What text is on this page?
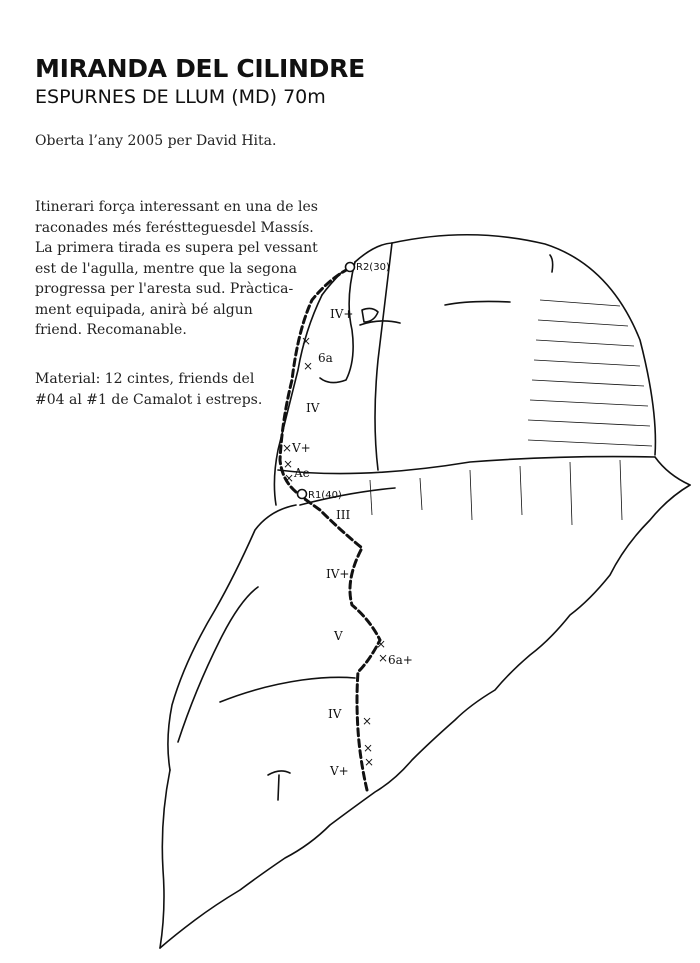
MIRANDA DEL CILINDRE
ESPURNES DE LLUM (MD) 70m
Oberta l’any 2005 per David Hita.
Itinerari força interessant en una de les
raconades més feréstteguesdel Massís.
La primera tirada es supera pel vessant
est de l'agulla, mentre que la segona
progressa per l'aresta sud. Pràctica-
ment equipada, anirà bé algun
friend. Recomanable.
Material: 12 cintes, friends del
#04 al #1 de Camalot i estreps.
R1(40)
R2(30)
×
×
×
×
×
×
×
×
×
×
IV+
6a
IV
V+
Ae
III
IV+
V
6a+
IV
V+
